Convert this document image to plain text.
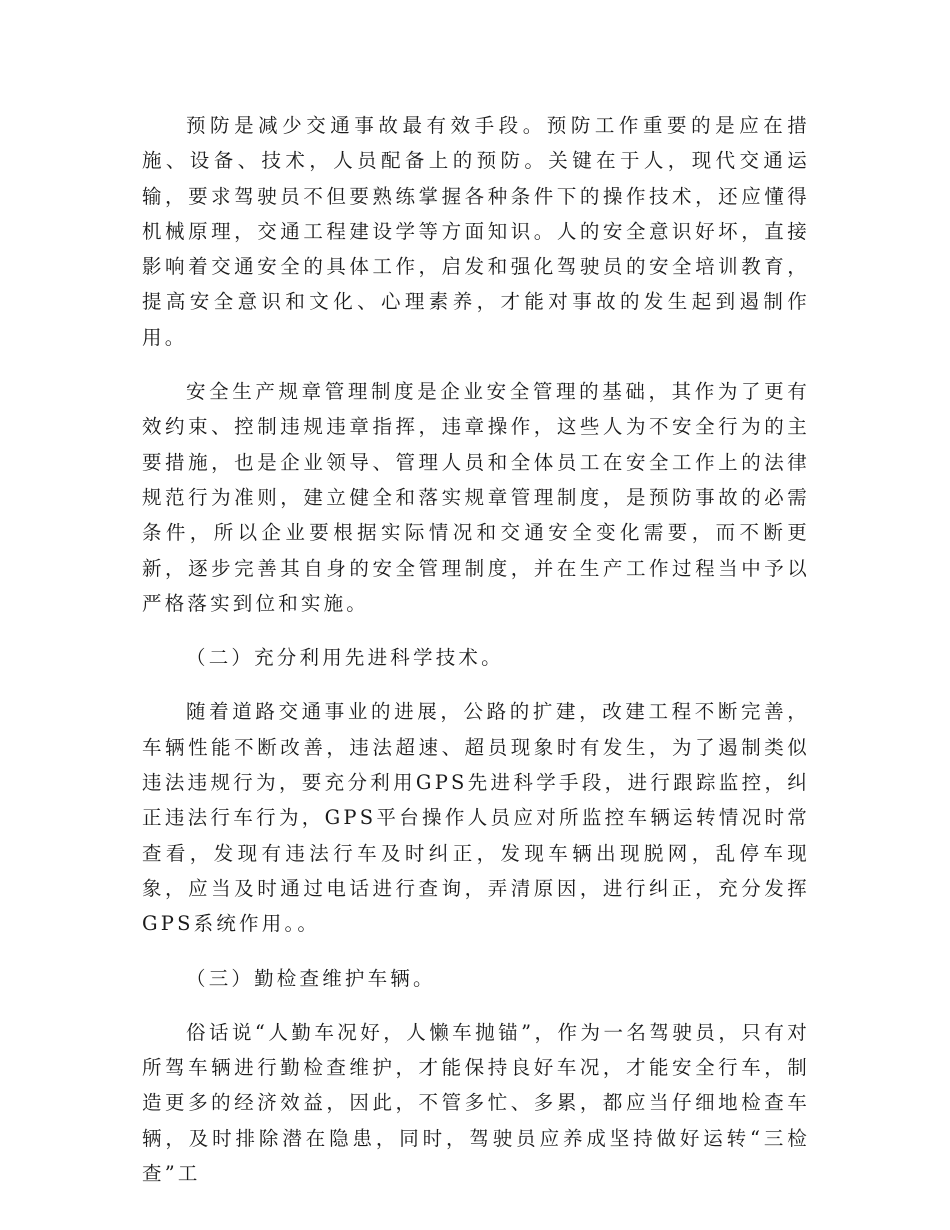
预防是减少交通事故最有效手段。预防工作重要的是应在措施、设备、技术，人员配备上的预防。关键在于人，现代交通运输，要求驾驶员不但要熟练掌握各种条件下的操作技术，还应懂得机械原理，交通工程建设学等方面知识。人的安全意识好坏，直接影响着交通安全的具体工作，启发和强化驾驶员的安全培训教育，提高安全意识和文化、心理素养，才能对事故的发生起到遏制作用。

安全生产规章管理制度是企业安全管理的基础，其作为了更有效约束、控制违规违章指挥，违章操作，这些人为不安全行为的主要措施，也是企业领导、管理人员和全体员工在安全工作上的法律规范行为准则，建立健全和落实规章管理制度，是预防事故的必需条件，所以企业要根据实际情况和交通安全变化需要，而不断更新，逐步完善其自身的安全管理制度，并在生产工作过程当中予以严格落实到位和实施。

（二）充分利用先进科学技术。

随着道路交通事业的进展，公路的扩建，改建工程不断完善，车辆性能不断改善，违法超速、超员现象时有发生，为了遏制类似违法违规行为，要充分利用GPS先进科学手段，进行跟踪监控，纠正违法行车行为，GPS平台操作人员应对所监控车辆运转情况时常查看，发现有违法行车及时纠正，发现车辆出现脱网，乱停车现象，应当及时通过电话进行查询，弄清原因，进行纠正，充分发挥GPS系统作用。。

（三）勤检查维护车辆。

俗话说“人勤车况好，人懒车抛锚”，作为一名驾驶员，只有对所驾车辆进行勤检查维护，才能保持良好车况，才能安全行车，制造更多的经济效益，因此，不管多忙、多累，都应当仔细地检查车辆，及时排除潜在隐患，同时，驾驶员应养成坚持做好运转“三检查”工
